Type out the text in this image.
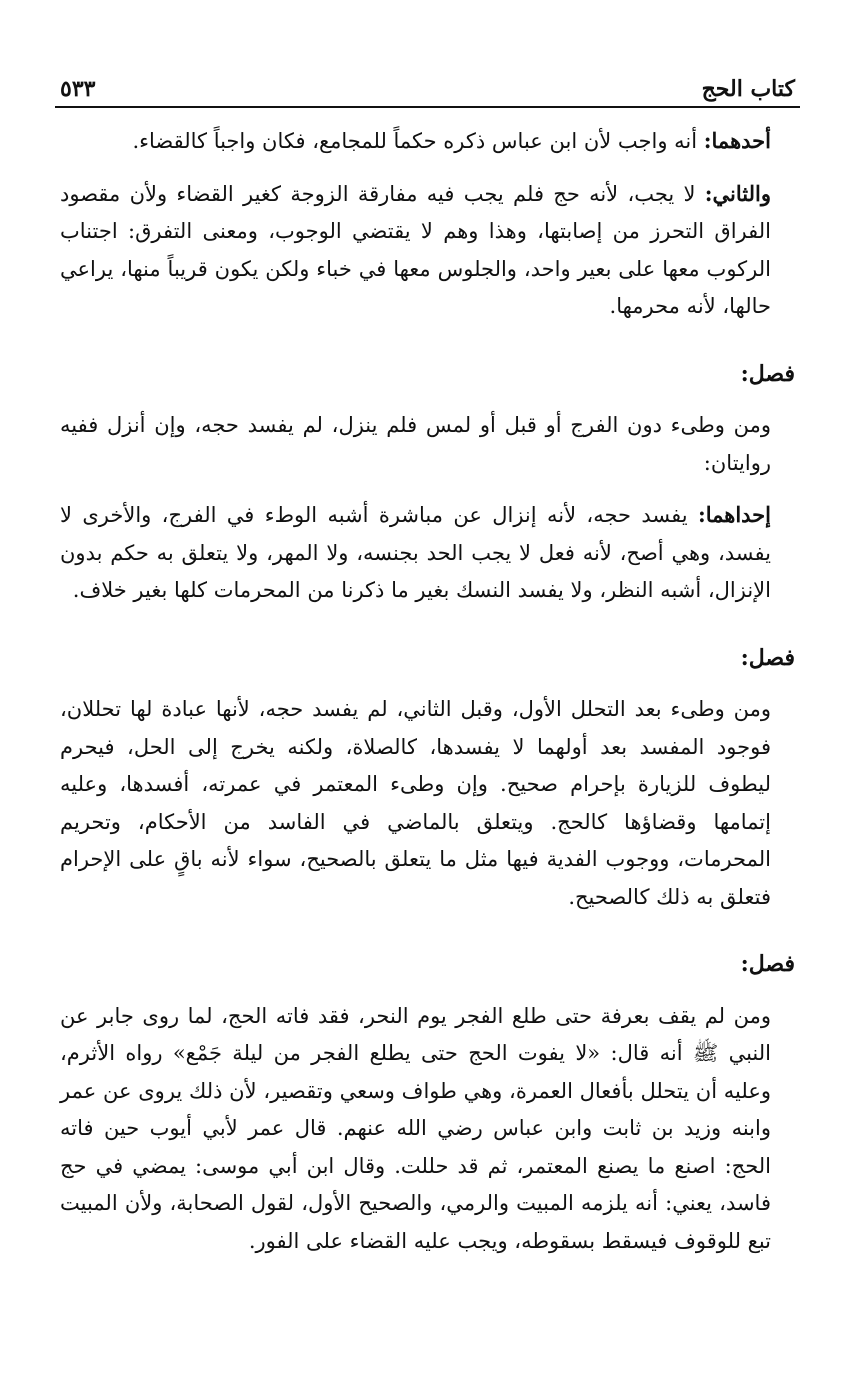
كتاب الحج
٥٣٣

أحدهما: أنه واجب لأن ابن عباس ذكره حكماً للمجامع، فكان واجباً كالقضاء.

والثاني: لا يجب، لأنه حج فلم يجب فيه مفارقة الزوجة كغير القضاء ولأن مقصود الفراق التحرز من إصابتها، وهذا وهم لا يقتضي الوجوب، ومعنى التفرق: اجتناب الركوب معها على بعير واحد، والجلوس معها في خباء ولكن يكون قريباً منها، يراعي حالها، لأنه محرمها.

فصل:

ومن وطىء دون الفرج أو قبل أو لمس فلم ينزل، لم يفسد حجه، وإن أنزل ففيه روايتان:

إحداهما: يفسد حجه، لأنه إنزال عن مباشرة أشبه الوطء في الفرج، والأخرى لا يفسد، وهي أصح، لأنه فعل لا يجب الحد بجنسه، ولا المهر، ولا يتعلق به حكم بدون الإنزال، أشبه النظر، ولا يفسد النسك بغير ما ذكرنا من المحرمات كلها بغير خلاف.

فصل:

ومن وطىء بعد التحلل الأول، وقبل الثاني، لم يفسد حجه، لأنها عبادة لها تحللان، فوجود المفسد بعد أولهما لا يفسدها، كالصلاة، ولكنه يخرج إلى الحل، فيحرم ليطوف للزيارة بإحرام صحيح. وإن وطىء المعتمر في عمرته، أفسدها، وعليه إتمامها وقضاؤها كالحج. ويتعلق بالماضي في الفاسد من الأحكام، وتحريم المحرمات، ووجوب الفدية فيها مثل ما يتعلق بالصحيح، سواء لأنه باقٍ على الإحرام فتعلق به ذلك كالصحيح.

فصل:

ومن لم يقف بعرفة حتى طلع الفجر يوم النحر، فقد فاته الحج، لما روى جابر عن النبي ﷺ أنه قال: «لا يفوت الحج حتى يطلع الفجر من ليلة جَمْع» رواه الأثرم، وعليه أن يتحلل بأفعال العمرة، وهي طواف وسعي وتقصير، لأن ذلك يروى عن عمر وابنه وزيد بن ثابت وابن عباس رضي الله عنهم. قال عمر لأبي أيوب حين فاته الحج: اصنع ما يصنع المعتمر، ثم قد حللت. وقال ابن أبي موسى: يمضي في حج فاسد، يعني: أنه يلزمه المبيت والرمي، والصحيح الأول، لقول الصحابة، ولأن المبيت تبع للوقوف فيسقط بسقوطه، ويجب عليه القضاء على الفور.
